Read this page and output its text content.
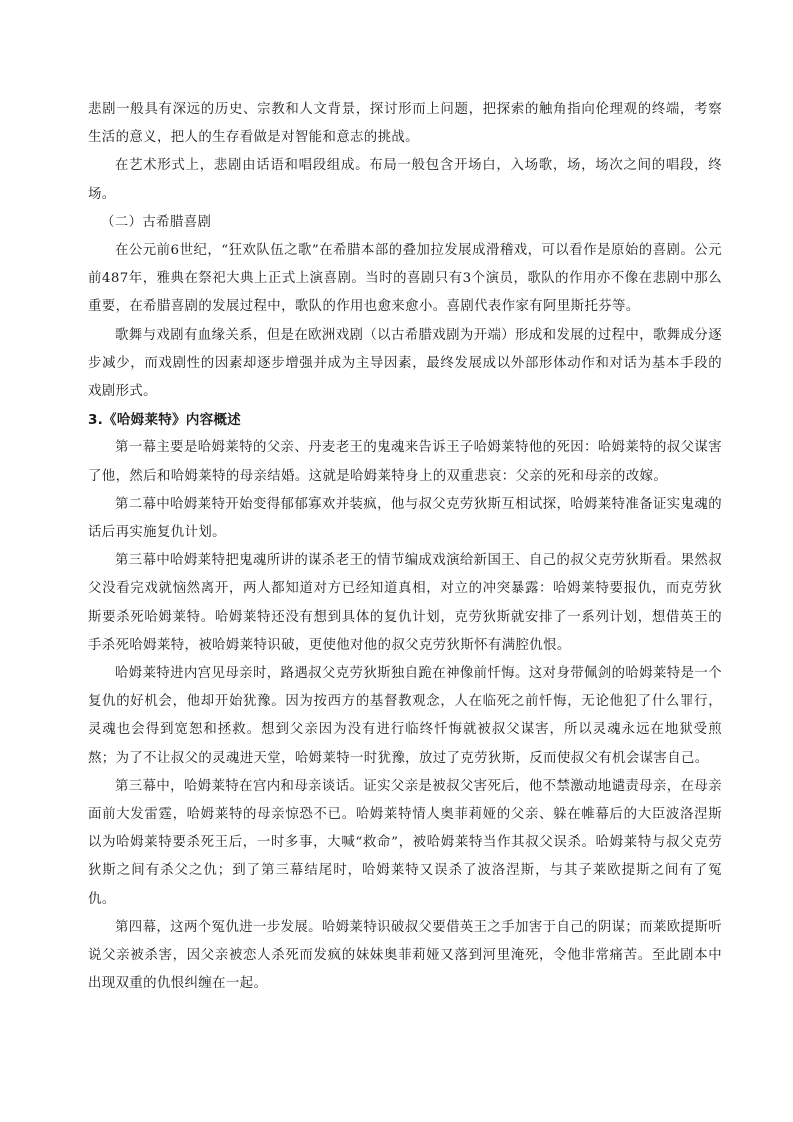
悲剧一般具有深远的历史、宗教和人文背景，探讨形而上问题，把探索的触角指向伦理观的终端，考察生活的意义，把人的生存看做是对智能和意志的挑战。

在艺术形式上，悲剧由话语和唱段组成。布局一般包含开场白，入场歌，场，场次之间的唱段，终场。

（二）古希腊喜剧

在公元前6世纪，“狂欢队伍之歌”在希腊本部的叠加拉发展成滑稽戏，可以看作是原始的喜剧。公元前487年，雅典在祭祀大典上正式上演喜剧。当时的喜剧只有3个演员，歌队的作用亦不像在悲剧中那么重要，在希腊喜剧的发展过程中，歌队的作用也愈来愈小。喜剧代表作家有阿里斯托芬等。

歌舞与戏剧有血缘关系，但是在欧洲戏剧（以古希腊戏剧为开端）形成和发展的过程中，歌舞成分逐步减少，而戏剧性的因素却逐步增强并成为主导因素，最终发展成以外部形体动作和对话为基本手段的戏剧形式。

3.《哈姆莱特》内容概述

第一幕主要是哈姆莱特的父亲、丹麦老王的鬼魂来告诉王子哈姆莱特他的死因：哈姆莱特的叔父谋害了他，然后和哈姆莱特的母亲结婚。这就是哈姆莱特身上的双重悲哀：父亲的死和母亲的改嫁。

第二幕中哈姆莱特开始变得郁郁寡欢并装疯，他与叔父克劳狄斯互相试探，哈姆莱特准备证实鬼魂的话后再实施复仇计划。

第三幕中哈姆莱特把鬼魂所讲的谋杀老王的情节编成戏演给新国王、自己的叔父克劳狄斯看。果然叔父没看完戏就恼然离开，两人都知道对方已经知道真相，对立的冲突暴露：哈姆莱特要报仇，而克劳狄斯要杀死哈姆莱特。哈姆莱特还没有想到具体的复仇计划，克劳狄斯就安排了一系列计划，想借英王的手杀死哈姆莱特，被哈姆莱特识破，更使他对他的叔父克劳狄斯怀有满腔仇恨。

哈姆莱特进内宫见母亲时，路遇叔父克劳狄斯独自跪在神像前忏悔。这对身带佩剑的哈姆莱特是一个复仇的好机会，他却开始犹豫。因为按西方的基督教观念，人在临死之前忏悔，无论他犯了什么罪行，灵魂也会得到宽恕和拯救。想到父亲因为没有进行临终忏悔就被叔父谋害，所以灵魂永远在地狱受煎熬；为了不让叔父的灵魂进天堂，哈姆莱特一时犹豫，放过了克劳狄斯，反而使叔父有机会谋害自己。

第三幕中，哈姆莱特在宫内和母亲谈话。证实父亲是被叔父害死后，他不禁激动地谴责母亲，在母亲面前大发雷霆，哈姆莱特的母亲惊恐不已。哈姆莱特情人奥菲莉娅的父亲、躲在帷幕后的大臣波洛涅斯以为哈姆莱特要杀死王后，一时多事，大喊“救命”，被哈姆莱特当作其叔父误杀。哈姆莱特与叔父克劳狄斯之间有杀父之仇；到了第三幕结尾时，哈姆莱特又误杀了波洛涅斯，与其子莱欧提斯之间有了冤仇。

第四幕，这两个冤仇进一步发展。哈姆莱特识破叔父要借英王之手加害于自己的阴谋；而莱欧提斯听说父亲被杀害，因父亲被恋人杀死而发疯的妹妹奥菲莉娅又落到河里淹死，令他非常痛苦。至此剧本中出现双重的仇恨纠缠在一起。
